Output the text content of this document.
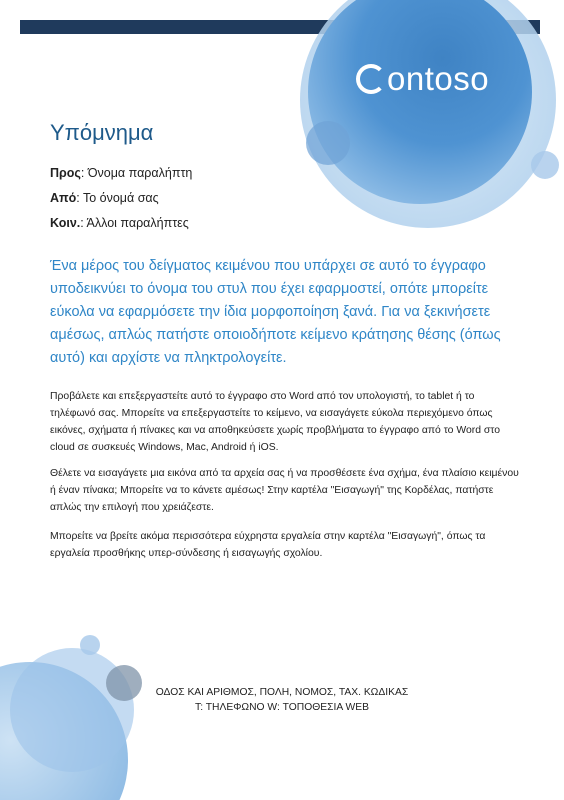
ontoso
Υπόμνημα
Προς: Όνομα παραλήπτη
Από: Το όνομά σας
Κοιν.: Άλλοι παραλήπτες

Ένα μέρος του δείγματος κειμένου που υπάρχει σε αυτό το έγγραφο υποδεικνύει το όνομα του στυλ που έχει εφαρμοστεί, οπότε μπορείτε εύκολα να εφαρμόσετε την ίδια μορφοποίηση ξανά. Για να ξεκινήσετε αμέσως, απλώς πατήστε οποιοδήποτε κείμενο κράτησης θέσης (όπως αυτό) και αρχίστε να πληκτρολογείτε.

Προβάλετε και επεξεργαστείτε αυτό το έγγραφο στο Word από τον υπολογιστή, το tablet ή το τηλέφωνό σας. Μπορείτε να επεξεργαστείτε το κείμενο, να εισαγάγετε εύκολα περιεχόμενο όπως εικόνες, σχήματα ή πίνακες και να αποθηκεύσετε χωρίς προβλήματα το έγγραφο από το Word στο cloud σε συσκευές Windows, Mac, Android ή iOS.

Θέλετε να εισαγάγετε μια εικόνα από τα αρχεία σας ή να προσθέσετε ένα σχήμα, ένα πλαίσιο κειμένου ή έναν πίνακα; Μπορείτε να το κάνετε αμέσως! Στην καρτέλα "Εισαγωγή" της Κορδέλας, πατήστε απλώς την επιλογή που χρειάζεστε.

Μπορείτε να βρείτε ακόμα περισσότερα εύχρηστα εργαλεία στην καρτέλα "Εισαγωγή", όπως τα εργαλεία προσθήκης υπερ-σύνδεσης ή εισαγωγής σχολίου.

ΟΔΟΣ ΚΑΙ ΑΡΙΘΜΟΣ, ΠΟΛΗ, ΝΟΜΟΣ, ΤΑΧ. ΚΩΔΙΚΑΣ
Τ: ΤΗΛΕΦΩΝΟ W: ΤΟΠΟΘΕΣΙΑ WEB
